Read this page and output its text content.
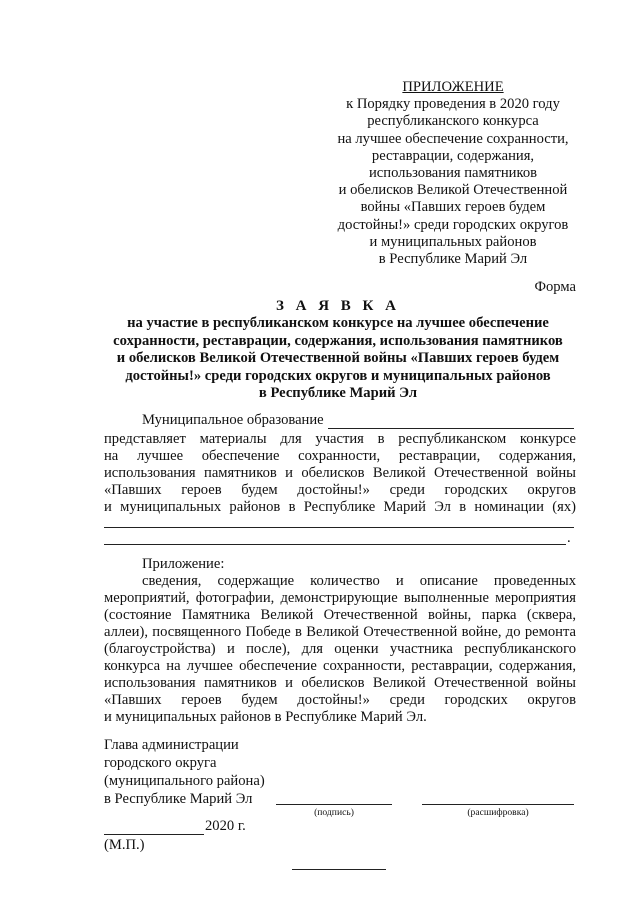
ПРИЛОЖЕНИЕ
к Порядку проведения в 2020 году
республиканского конкурса
на лучшее обеспечение сохранности,
реставрации, содержания,
использования памятников
и обелисков Великой Отечественной
войны «Павших героев будем
достойны!» среди городских округов
и муниципальных районов
в Республике Марий Эл
Форма
З А Я В К А
на участие в республиканском конкурсе на лучшее обеспечение
сохранности, реставрации, содержания, использования памятников
и обелисков Великой Отечественной войны «Павших героев будем
достойны!» среди городских округов и муниципальных районов
в Республике Марий Эл
Муниципальное образование
представляет материалы для участия в республиканском конкурсе
на лучшее обеспечение сохранности, реставрации, содержания,
использования памятников и обелисков Великой Отечественной войны
«Павших героев будем достойны!» среди городских округов
и муниципальных районов в Республике Марий Эл в номинации (ях)
.
Приложение:
сведения, содержащие количество и описание проведенных
мероприятий, фотографии, демонстрирующие выполненные мероприятия
(состояние Памятника Великой Отечественной войны, парка (сквера,
аллеи), посвященного Победе в Великой Отечественной войне, до ремонта
(благоустройства) и после), для оценки участника республиканского
конкурса на лучшее обеспечение сохранности, реставрации, содержания,
использования памятников и обелисков Великой Отечественной войны
«Павших героев будем достойны!» среди городских округов
и муниципальных районов в Республике Марий Эл.
Глава администрации
городского округа
(муниципального района)
в Республике Марий Эл
(подпись)	(расшифровка)
2020 г.
(М.П.)
